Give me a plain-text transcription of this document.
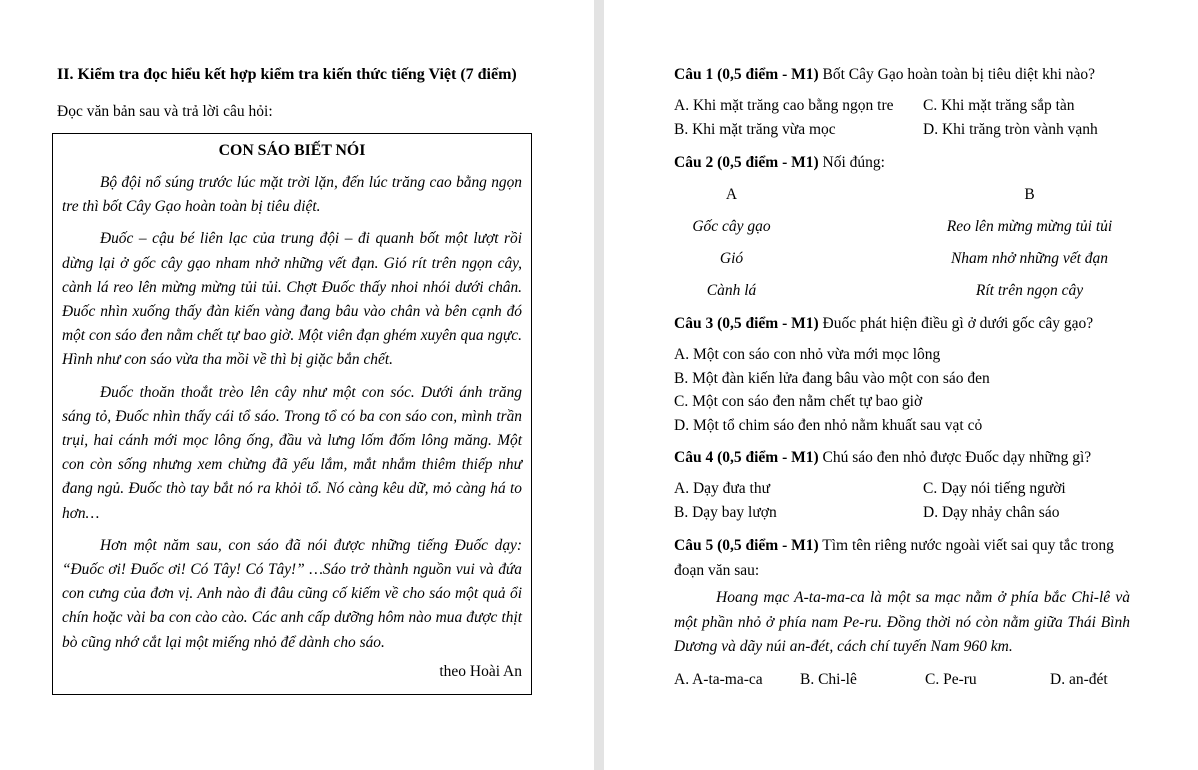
II. Kiểm tra đọc hiểu kết hợp kiểm tra kiến thức tiếng Việt (7 điểm)

Đọc văn bản sau và trả lời câu hỏi:

CON SÁO BIẾT NÓI

Bộ đội nổ súng trước lúc mặt trời lặn, đến lúc trăng cao bằng ngọn tre thì bốt Cây Gạo hoàn toàn bị tiêu diệt.

Đuốc – cậu bé liên lạc của trung đội – đi quanh bốt một lượt rồi dừng lại ở gốc cây gạo nham nhở những vết đạn. Gió rít trên ngọn cây, cành lá reo lên mừng mừng tủi tủi. Chợt Đuốc thấy nhoi nhói dưới chân. Đuốc nhìn xuống thấy đàn kiến vàng đang bâu vào chân và bên cạnh đó một con sáo đen nằm chết tự bao giờ. Một viên đạn ghém xuyên qua ngực. Hình như con sáo vừa tha mồi về thì bị giặc bắn chết.

Đuốc thoăn thoắt trèo lên cây như một con sóc. Dưới ánh trăng sáng tỏ, Đuốc nhìn thấy cái tổ sáo. Trong tổ có ba con sáo con, mình trần trụi, hai cánh mới mọc lông ống, đầu và lưng lốm đốm lông măng. Một con còn sống nhưng xem chừng đã yếu lắm, mắt nhắm thiêm thiếp như đang ngủ. Đuốc thò tay bắt nó ra khỏi tổ. Nó càng kêu dữ, mỏ càng há to hơn…

Hơn một năm sau, con sáo đã nói được những tiếng Đuốc dạy: “Đuốc ơi! Đuốc ơi! Có Tây! Có Tây!” …Sáo trở thành nguồn vui và đứa con cưng của đơn vị. Anh nào đi đâu cũng cố kiếm về cho sáo một quả ổi chín hoặc vài ba con cào cào. Các anh cấp dưỡng hôm nào mua được thịt bò cũng nhớ cắt lại một miếng nhỏ để dành cho sáo.

theo Hoài An

Câu 1 (0,5 điểm - M1) Bốt Cây Gạo hoàn toàn bị tiêu diệt khi nào?

A. Khi mặt trăng cao bằng ngọn tre	C. Khi mặt trăng sắp tàn
B. Khi mặt trăng vừa mọc	D. Khi trăng tròn vành vạnh

Câu 2 (0,5 điểm - M1) Nối đúng:

A	B
Gốc cây gạo	Reo lên mừng mừng tủi tủi
Gió	Nham nhở những vết đạn
Cành lá	Rít trên ngọn cây

Câu 3 (0,5 điểm - M1) Đuốc phát hiện điều gì ở dưới gốc cây gạo?

A. Một con sáo con nhỏ vừa mới mọc lông
B. Một đàn kiến lửa đang bâu vào một con sáo đen
C. Một con sáo đen nằm chết tự bao giờ
D. Một tổ chim sáo đen nhỏ nằm khuất sau vạt cỏ

Câu 4 (0,5 điểm - M1) Chú sáo đen nhỏ được Đuốc dạy những gì?

A. Dạy đưa thư	C. Dạy nói tiếng người
B. Dạy bay lượn	D. Dạy nhảy chân sáo

Câu 5 (0,5 điểm - M1) Tìm tên riêng nước ngoài viết sai quy tắc trong đoạn văn sau:

Hoang mạc A-ta-ma-ca là một sa mạc nằm ở phía bắc Chi-lê và một phần nhỏ ở phía nam Pe-ru. Đồng thời nó còn nằm giữa Thái Bình Dương và dãy núi an-đét, cách chí tuyến Nam 960 km.

A. A-ta-ma-ca	B. Chi-lê	C. Pe-ru	D. an-đét
